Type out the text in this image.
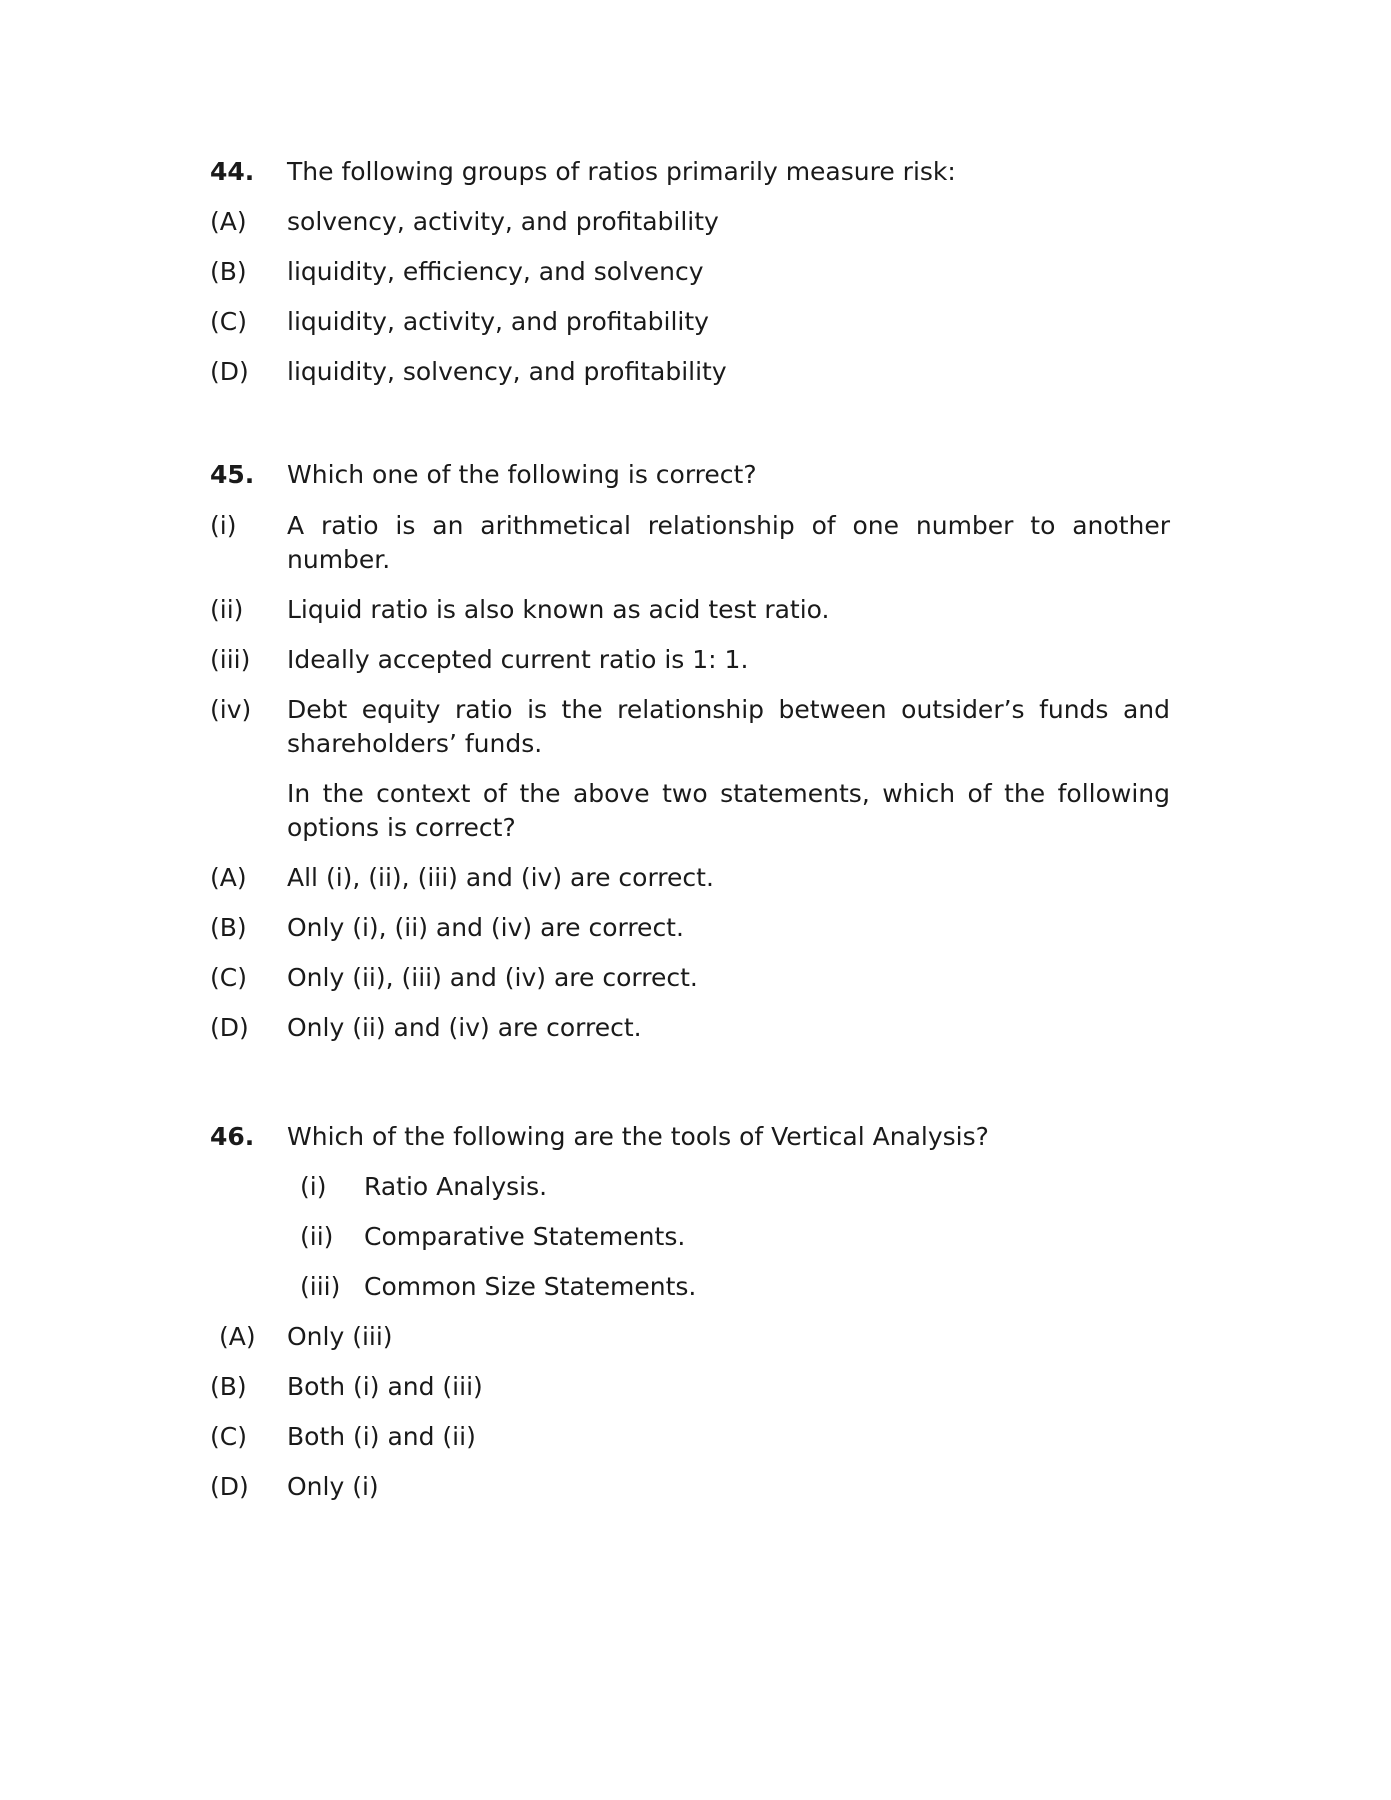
44. The following groups of ratios primarily measure risk:

(A) solvency, activity, and profitability

(B) liquidity, efficiency, and solvency

(C) liquidity, activity, and profitability

(D) liquidity, solvency, and profitability

45. Which one of the following is correct?

(i) A ratio is an arithmetical relationship of one number to another number.

(ii) Liquid ratio is also known as acid test ratio.

(iii) Ideally accepted current ratio is 1: 1.

(iv) Debt equity ratio is the relationship between outsider’s funds and shareholders’ funds.

In the context of the above two statements, which of the following options is correct?

(A) All (i), (ii), (iii) and (iv) are correct.

(B) Only (i), (ii) and (iv) are correct.

(C) Only (ii), (iii) and (iv) are correct.

(D) Only (ii) and (iv) are correct.

46. Which of the following are the tools of Vertical Analysis?

(i) Ratio Analysis.

(ii) Comparative Statements.

(iii) Common Size Statements.

(A) Only (iii)

(B) Both (i) and (iii)

(C) Both (i) and (ii)

(D) Only (i)
